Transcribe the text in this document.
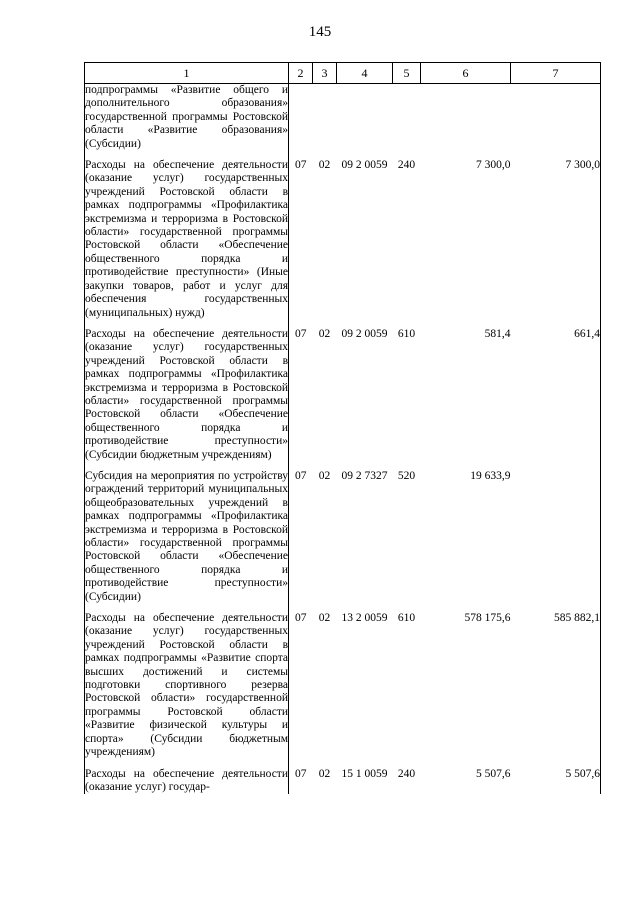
145
1	2	3	4	5	6	7
подпрограммы «Развитие общего и дополнительного образования» государственной программы Ростовской области «Развитие образования» (Субсидии)						

Расходы на обеспечение деятельности (оказание услуг) государственных учреждений Ростовской области в рамках подпрограммы «Профилактика экстремизма и терроризма в Ростовской области» государственной программы Ростовской области «Обеспечение общественного порядка и противодействие преступности» (Иные закупки товаров, работ и услуг для обеспечения государственных (муниципальных) нужд)	07	02	09 2 0059	240	7 300,0	7 300,0

Расходы на обеспечение деятельности (оказание услуг) государственных учреждений Ростовской области в рамках подпрограммы «Профилактика экстремизма и терроризма в Ростовской области» государственной программы Ростовской области «Обеспечение общественного порядка и противодействие преступности» (Субсидии бюджетным учреждениям)	07	02	09 2 0059	610	581,4	661,4

Субсидия на мероприятия по устройству ограждений территорий муниципальных общеобразовательных учреждений в рамках подпрограммы «Профилактика экстремизма и терроризма в Ростовской области» государственной программы Ростовской области «Обеспечение общественного порядка и противодействие преступности» (Субсидии)	07	02	09 2 7327	520	19 633,9	

Расходы на обеспечение деятельности (оказание услуг) государственных учреждений Ростовской области в рамках подпрограммы «Развитие спорта высших достижений и системы подготовки спортивного резерва Ростовской области» государственной программы Ростовской области «Развитие физической культуры и спорта» (Субсидии бюджетным учреждениям)	07	02	13 2 0059	610	578 175,6	585 882,1

Расходы на обеспечение деятельности (оказание услуг) государ-	07	02	15 1 0059	240	5 507,6	5 507,6
